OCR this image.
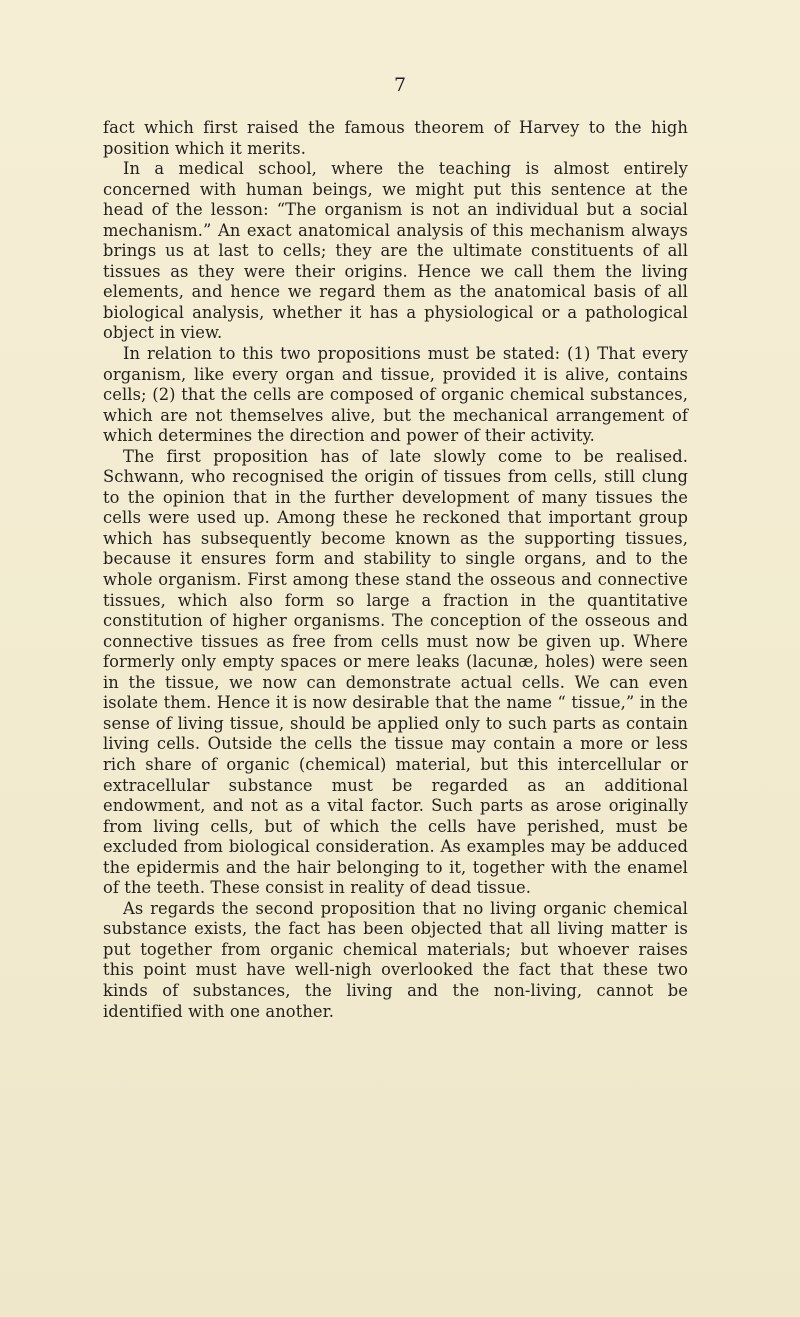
7

fact which first raised the famous theorem of Harvey to the high position which it merits.

In a medical school, where the teaching is almost entirely concerned with human beings, we might put this sentence at the head of the lesson: “The organism is not an individual but a social mechanism.” An exact anatomical analysis of this mechanism always brings us at last to cells; they are the ultimate constituents of all tissues as they were their origins. Hence we call them the living elements, and hence we regard them as the anatomical basis of all biological analysis, whether it has a physiological or a pathological object in view.

In relation to this two propositions must be stated: (1) That every organism, like every organ and tissue, provided it is alive, contains cells; (2) that the cells are composed of organic chemical substances, which are not themselves alive, but the mechanical arrangement of which determines the direction and power of their activity.

The first proposition has of late slowly come to be realised. Schwann, who recognised the origin of tissues from cells, still clung to the opinion that in the further development of many tissues the cells were used up. Among these he reckoned that important group which has subsequently become known as the supporting tissues, because it ensures form and stability to single organs, and to the whole organism. First among these stand the osseous and connective tissues, which also form so large a fraction in the quantitative constitution of higher organisms. The conception of the osseous and connective tissues as free from cells must now be given up. Where formerly only empty spaces or mere leaks (lacunæ, holes) were seen in the tissue, we now can demonstrate actual cells. We can even isolate them. Hence it is now desirable that the name “ tissue,” in the sense of living tissue, should be applied only to such parts as contain living cells. Outside the cells the tissue may contain a more or less rich share of organic (chemical) material, but this intercellular or extracellular substance must be regarded as an additional endowment, and not as a vital factor. Such parts as arose originally from living cells, but of which the cells have perished, must be excluded from biological consideration. As examples may be adduced the epidermis and the hair belonging to it, together with the enamel of the teeth. These consist in reality of dead tissue.

As regards the second proposition that no living organic chemical substance exists, the fact has been objected that all living matter is put together from organic chemical materials; but whoever raises this point must have well-nigh overlooked the fact that these two kinds of substances, the living and the non-living, cannot be identified with one another.
